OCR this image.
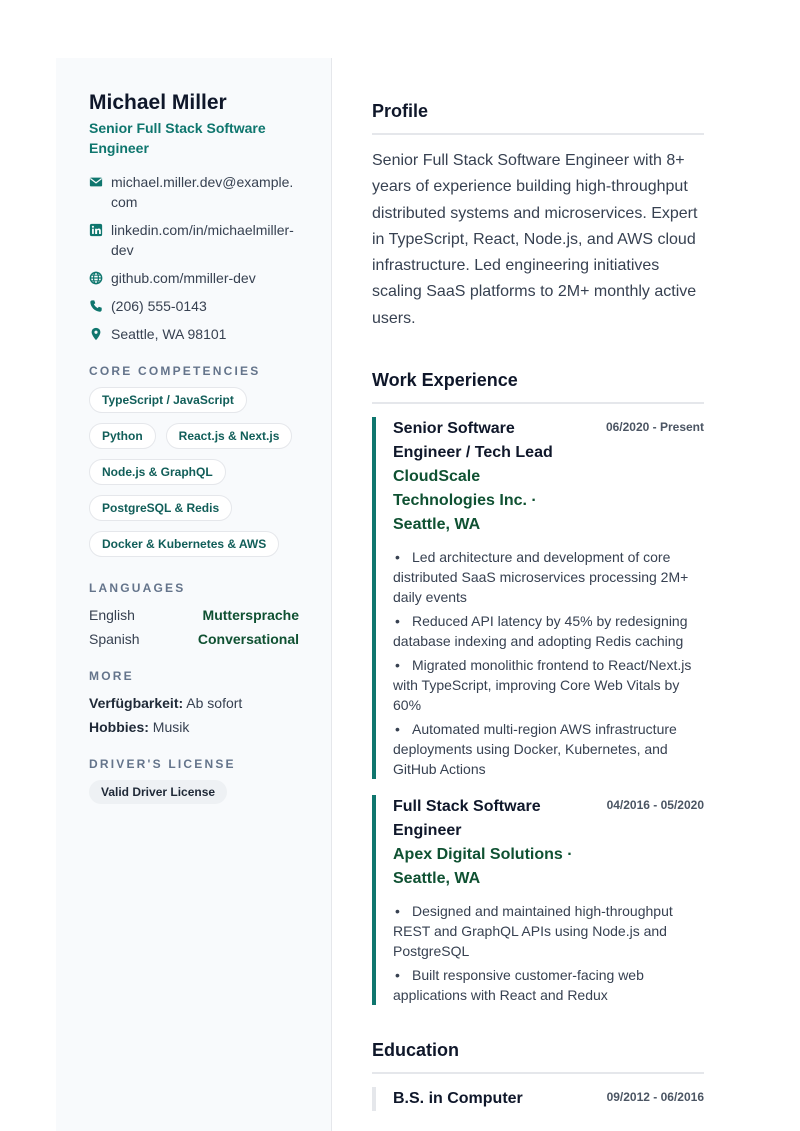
Michael Miller
Senior Full Stack Software Engineer
michael.miller.dev@example.com
linkedin.com/in/michaelmiller-dev
github.com/mmiller-dev
(206) 555-0143
Seattle, WA 98101
CORE COMPETENCIES
TypeScript / JavaScript
Python	React.js & Next.js
Node.js & GraphQL
PostgreSQL & Redis
Docker & Kubernetes & AWS
LANGUAGES
English	Muttersprache
Spanish	Conversational
MORE
Verfügbarkeit: Ab sofort
Hobbies: Musik
DRIVER'S LICENSE
Valid Driver License
Profile

Senior Full Stack Software Engineer with 8+ years of experience building high-throughput distributed systems and microservices. Expert in TypeScript, React, Node.js, and AWS cloud infrastructure. Led engineering initiatives scaling SaaS platforms to 2M+ monthly active users.

Work Experience
Senior Software Engineer / Tech Lead
06/2020 - Present
CloudScale Technologies Inc. · Seattle, WA
• Led architecture and development of core distributed SaaS microservices processing 2M+ daily events
• Reduced API latency by 45% by redesigning database indexing and adopting Redis caching
• Migrated monolithic frontend to React/Next.js with TypeScript, improving Core Web Vitals by 60%
• Automated multi-region AWS infrastructure deployments using Docker, Kubernetes, and GitHub Actions
Full Stack Software Engineer
04/2016 - 05/2020
Apex Digital Solutions · Seattle, WA
• Designed and maintained high-throughput REST and GraphQL APIs using Node.js and PostgreSQL
• Built responsive customer-facing web applications with React and Redux
Education
B.S. in Computer	09/2012 - 06/2016
